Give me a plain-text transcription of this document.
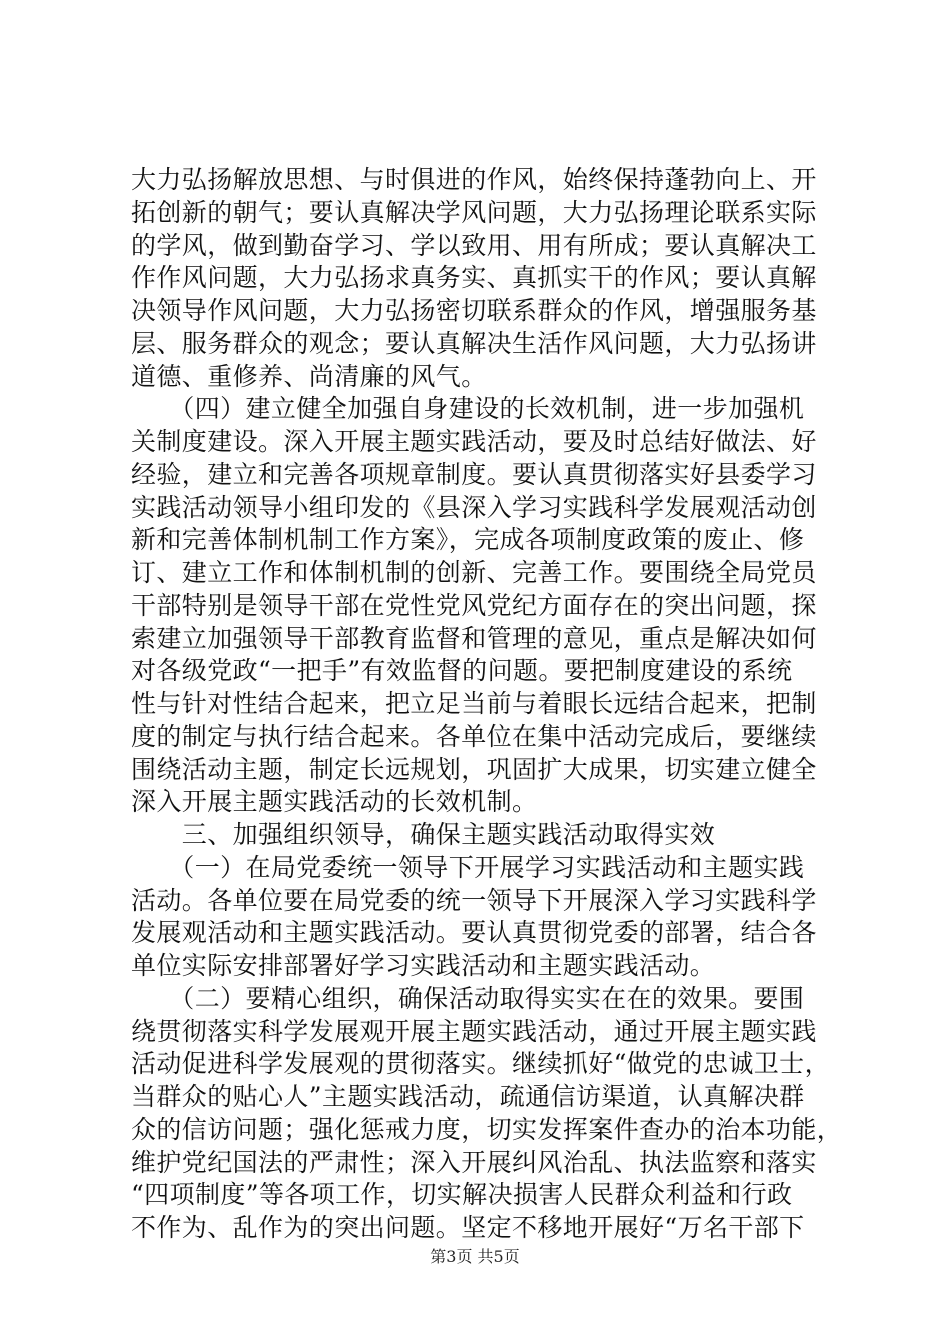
大力弘扬解放思想、与时俱进的作风，始终保持蓬勃向上、开
拓创新的朝气；要认真解决学风问题，大力弘扬理论联系实际
的学风，做到勤奋学习、学以致用、用有所成；要认真解决工
作作风问题，大力弘扬求真务实、真抓实干的作风；要认真解
决领导作风问题，大力弘扬密切联系群众的作风，增强服务基
层、服务群众的观念；要认真解决生活作风问题，大力弘扬讲
道德、重修养、尚清廉的风气。
　　（四）建立健全加强自身建设的长效机制，进一步加强机
关制度建设。深入开展主题实践活动，要及时总结好做法、好
经验，建立和完善各项规章制度。要认真贯彻落实好县委学习
实践活动领导小组印发的《县深入学习实践科学发展观活动创
新和完善体制机制工作方案》，完成各项制度政策的废止、修
订、建立工作和体制机制的创新、完善工作。要围绕全局党员
干部特别是领导干部在党性党风党纪方面存在的突出问题，探
索建立加强领导干部教育监督和管理的意见，重点是解决如何
对各级党政“一把手”有效监督的问题。要把制度建设的系统
性与针对性结合起来，把立足当前与着眼长远结合起来，把制
度的制定与执行结合起来。各单位在集中活动完成后，要继续
围绕活动主题，制定长远规划，巩固扩大成果，切实建立健全
深入开展主题实践活动的长效机制。
　　三、加强组织领导，确保主题实践活动取得实效
　　（一）在局党委统一领导下开展学习实践活动和主题实践
活动。各单位要在局党委的统一领导下开展深入学习实践科学
发展观活动和主题实践活动。要认真贯彻党委的部署，结合各
单位实际安排部署好学习实践活动和主题实践活动。
　　（二）要精心组织，确保活动取得实实在在的效果。要围
绕贯彻落实科学发展观开展主题实践活动，通过开展主题实践
活动促进科学发展观的贯彻落实。继续抓好“做党的忠诚卫士，
当群众的贴心人”主题实践活动，疏通信访渠道，认真解决群
众的信访问题；强化惩戒力度，切实发挥案件查办的治本功能，
维护党纪国法的严肃性；深入开展纠风治乱、执法监察和落实
“四项制度”等各项工作，切实解决损害人民群众利益和行政
不作为、乱作为的突出问题。坚定不移地开展好“万名干部下
第3页 共5页
